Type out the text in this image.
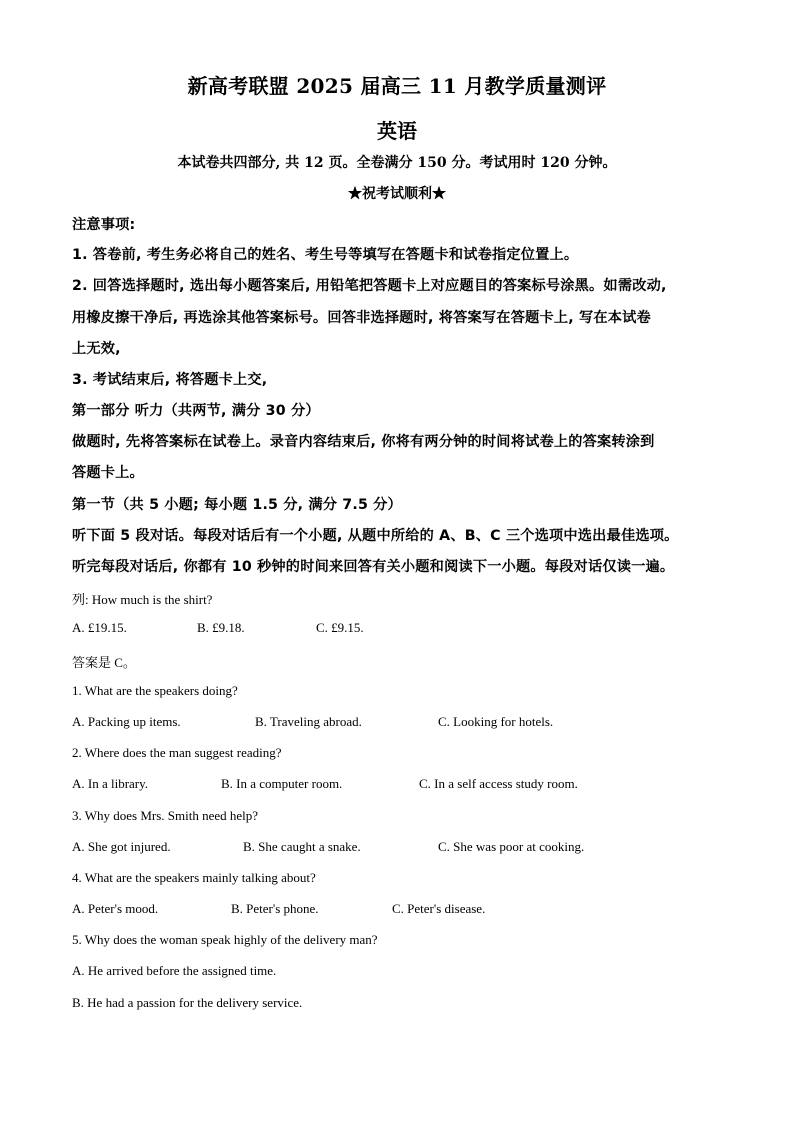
新高考联盟 2025 届高三 11 月教学质量测评
英语
本试卷共四部分, 共 12 页。全卷满分 150 分。考试用时 120 分钟。
★祝考试顺利★
注意事项:
1. 答卷前, 考生务必将自己的姓名、考生号等填写在答题卡和试卷指定位置上。
2. 回答选择题时, 选出每小题答案后, 用铅笔把答题卡上对应题目的答案标号涂黑。如需改动,
用橡皮擦干净后, 再选涂其他答案标号。回答非选择题时, 将答案写在答题卡上, 写在本试卷
上无效,
3. 考试结束后, 将答题卡上交,
第一部分 听力（共两节, 满分 30 分）
做题时, 先将答案标在试卷上。录音内容结束后, 你将有两分钟的时间将试卷上的答案转涂到
答题卡上。
第一节（共 5 小题; 每小题 1.5 分, 满分 7.5 分）
听下面 5 段对话。每段对话后有一个小题, 从题中所给的 A、B、C 三个选项中选出最佳选项。
听完每段对话后, 你都有 10 秒钟的时间来回答有关小题和阅读下一小题。每段对话仅读一遍。
列: How much is the shirt?
A. £19.15.	B. £9.18.	C. £9.15.
答案是 C。
1. What are the speakers doing?
A. Packing up items.	B. Traveling abroad.	C. Looking for hotels.
2. Where does the man suggest reading?
A. In a library.	B. In a computer room.	C. In a self access study room.
3. Why does Mrs. Smith need help?
A. She got injured.	B. She caught a snake.	C. She was poor at cooking.
4. What are the speakers mainly talking about?
A. Peter's mood.	B. Peter's phone.	C. Peter's disease.
5. Why does the woman speak highly of the delivery man?
A. He arrived before the assigned time.
B. He had a passion for the delivery service.
